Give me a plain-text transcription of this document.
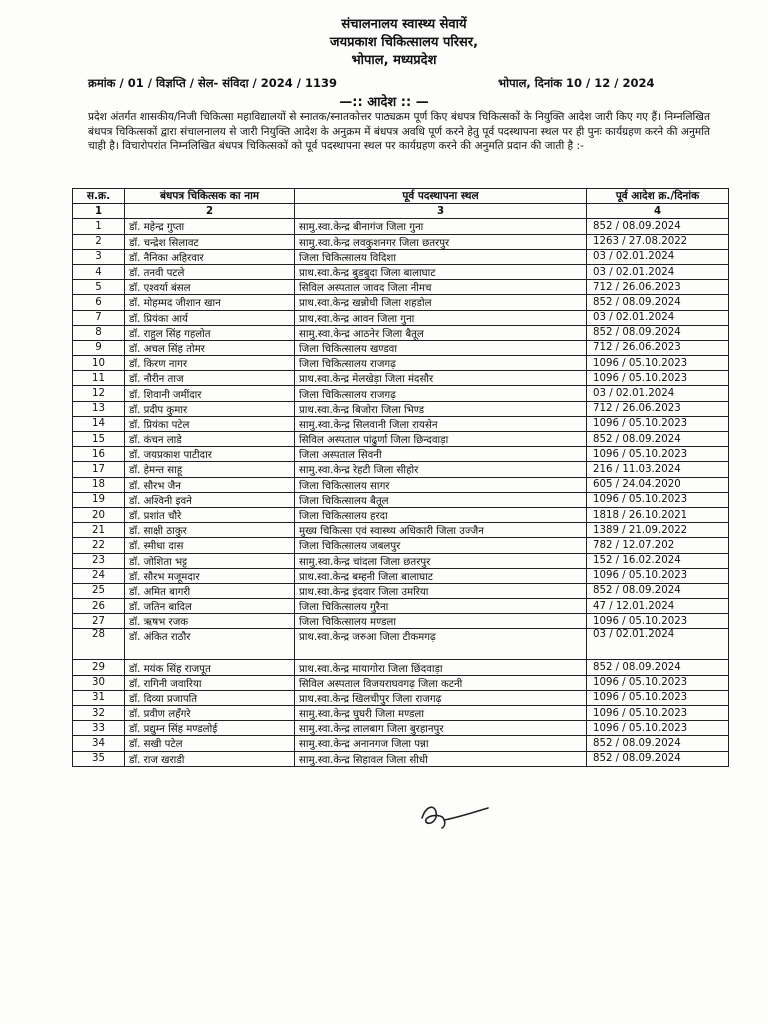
संचालनालय स्वास्थ्य सेवायें
जयप्रकाश चिकित्सालय परिसर,
भोपाल, मध्यप्रदेश
क्रमांक / 01 / विज्ञप्ति / सेल- संविदा / 2024 / 1139	भोपाल, दिनांक 10 / 12 / 2024
—:: आदेश :: —
प्रदेश अंतर्गत शासकीय/निजी चिकित्सा महाविद्यालयों से स्नातक/स्नातकोत्तर पाठ्यक्रम पूर्ण किए बंधपत्र चिकित्सकों के नियुक्ति आदेश जारी किए गए हैं। निम्नलिखित बंधपत्र चिकित्सकों द्वारा संचालनालय से जारी नियुक्ति आदेश के अनुक्रम में बंधपत्र अवधि पूर्ण करने हेतु पूर्व पदस्थापना स्थल पर ही पुनः कार्यग्रहण करने की अनुमति चाही है। विचारोपरांत निम्नलिखित बंधपत्र चिकित्सकों को पूर्व पदस्थापना स्थल पर कार्यग्रहण करने की अनुमति प्रदान की जाती है :-
स.क्र.	बंधपत्र चिकित्सक का नाम	पूर्व पदस्थापना स्थल	पूर्व आदेश क्र./दिनांक
1	2	3	4
1	डॉ. महेन्द्र गुप्ता	सामु.स्वा.केन्द्र बीनागंज जिला गुना	852 / 08.09.2024
2	डॉ. चन्द्रेश सिलावट	सामु.स्वा.केन्द्र लवकुशनगर जिला छतरपुर	1263 / 27.08.2022
3	डॉ. नैनिका अहिरवार	जिला चिकित्सालय विदिशा	03 / 02.01.2024
4	डॉ. तनवी पटले	प्राथ.स्वा.केन्द्र बुडबुदा जिला बालाघाट	03 / 02.01.2024
5	डॉ. एश्वर्या बंसल	सिविल अस्पताल जावद जिला नीमच	712 / 26.06.2023
6	डॉ. मोहम्मद जीशान खान	प्राथ.स्वा.केन्द्र खन्नोधी जिला शहडोल	852 / 08.09.2024
7	डॉ. प्रियंका आर्य	प्राथ.स्वा.केन्द्र आवन जिला गुना	03 / 02.01.2024
8	डॉ. राहुल सिंह गहलोत	सामु.स्वा.केन्द्र आठनेर जिला बैतूल	852 / 08.09.2024
9	डॉ. अचल सिंह तोमर	जिला चिकित्सालय खण्डवा	712 / 26.06.2023
10	डॉ. किरण नागर	जिला चिकित्सालय राजगढ़	1096 / 05.10.2023
11	डॉ. नौरीन ताज	प्राथ.स्वा.केन्द्र मेलखेड़ा जिला मंदसौर	1096 / 05.10.2023
12	डॉ. शिवानी जमींदार	जिला चिकित्सालय राजगढ़	03 / 02.01.2024
13	डॉ. प्रदीप कुमार	प्राथ.स्वा.केन्द्र बिजोरा जिला भिण्ड	712 / 26.06.2023
14	डॉ. प्रियंका पटेल	सामु.स्वा.केन्द्र सिलवानी जिला रायसेन	1096 / 05.10.2023
15	डॉ. कंचन लाडे	सिविल अस्पताल पांढुर्णा जिला छिन्दवाड़ा	852 / 08.09.2024
16	डॉ. जयप्रकाश पाटीदार	जिला अस्पताल सिवनी	1096 / 05.10.2023
17	डॉ. हेमन्त साहू	सामु.स्वा.केन्द्र रेहटी जिला सीहोर	216 / 11.03.2024
18	डॉ. सौरभ जैन	जिला चिकित्सालय सागर	605 / 24.04.2020
19	डॉ. अश्विनी इवने	जिला चिकित्सालय बैतूल	1096 / 05.10.2023
20	डॉ. प्रशांत चौरे	जिला चिकित्सालय हरदा	1818 / 26.10.2021
21	डॉ. साक्षी ठाकुर	मुख्य चिकित्सा एवं स्वास्थ्य अधिकारी जिला उज्जैन	1389 / 21.09.2022
22	डॉ. स्मीधा दास	जिला चिकित्सालय जबलपुर	782 / 12.07.202
23	डॉ. जोशिता भट्ट	सामु.स्वा.केन्द्र चांदला जिला छतरपुर	152 / 16.02.2024
24	डॉ. सौरभ मजूमदार	प्राथ.स्वा.केन्द्र बम्हनी जिला बालाघाट	1096 / 05.10.2023
25	डॉ. अमित बागरी	प्राथ.स्वा.केन्द्र इंदवार जिला उमरिया	852 / 08.09.2024
26	डॉ. जतिन बादिल	जिला चिकित्सालय गुरैना	47 / 12.01.2024
27	डॉ. ऋषभ रजक	जिला चिकित्सालय मण्डला	1096 / 05.10.2023
28	डॉ. अंकित राठौर	प्राथ.स्वा.केन्द्र जरुआ जिला टीकमगढ़	03 / 02.01.2024
29	डॉ. मयंक सिंह राजपूत	प्राथ.स्वा.केन्द्र मायागोरा जिला छिंदवाड़ा	852 / 08.09.2024
30	डॉ. रागिनी जवारिया	सिविल अस्पताल विजयराघवगढ़ जिला कटनी	1096 / 05.10.2023
31	डॉ. दिव्या प्रजापति	प्राथ.स्वा.केन्द्र खिलचीपुर जिला राजगढ़	1096 / 05.10.2023
32	डॉ. प्रवीण लहँगरे	सामु.स्वा.केन्द्र घुघरी जिला मण्डला	1096 / 05.10.2023
33	डॉ. प्रद्युम्न सिंह मण्डलोई	सामु.स्वा.केन्द्र लालबाग जिला बुरहानपुर	1096 / 05.10.2023
34	डॉ. सखी पटेल	सामु.स्वा.केन्द्र अनानगज जिला पन्ना	852 / 08.09.2024
35	डॉ. राज खराडी	सामु.स्वा.केन्द्र सिहावल जिला सीधी	852 / 08.09.2024
